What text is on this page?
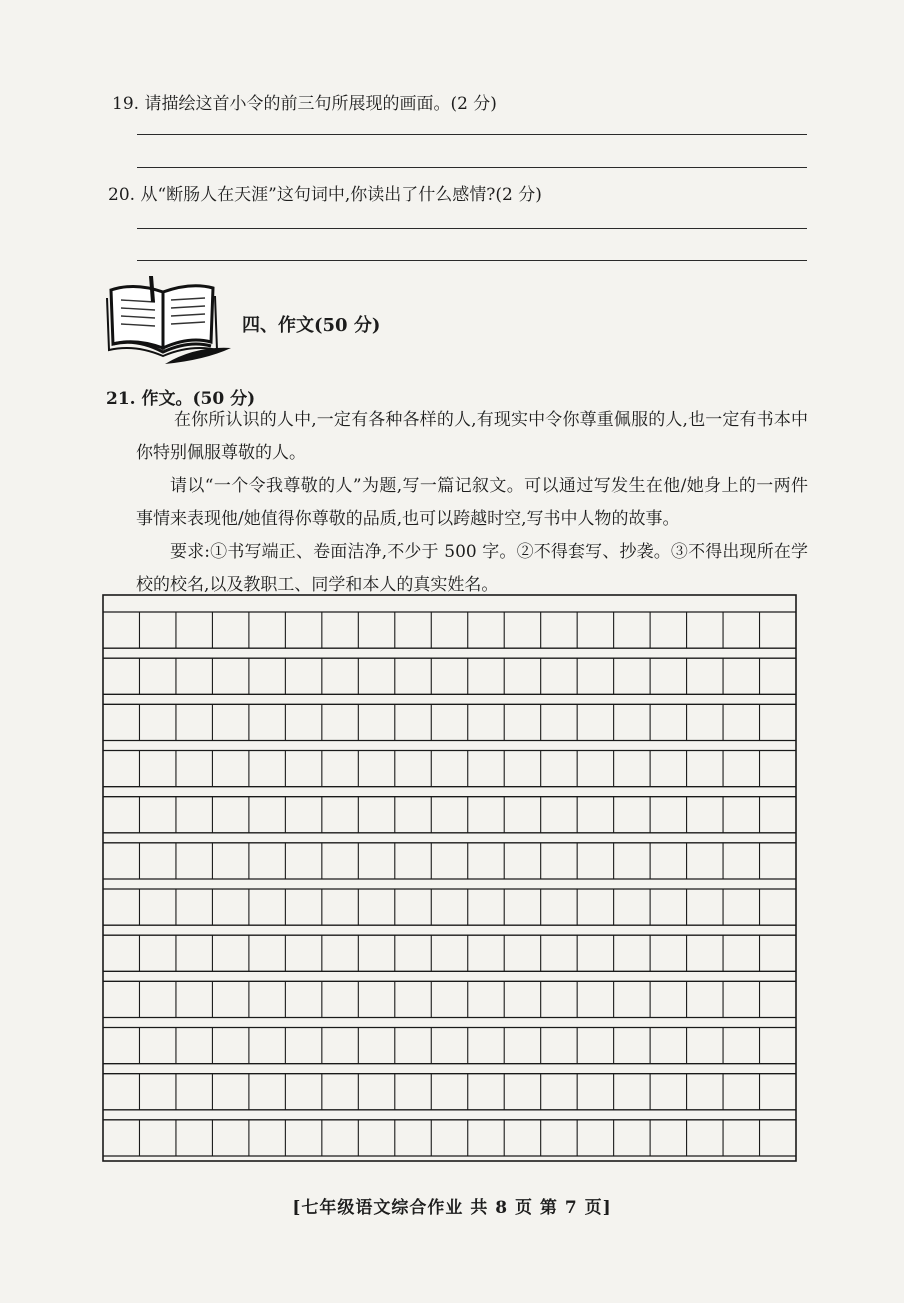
19. 请描绘这首小令的前三句所展现的画面。(2 分)
20. 从“断肠人在天涯”这句词中,你读出了什么感情?(2 分)
四、作文(50 分)
21. 作文。(50 分)
在你所认识的人中,一定有各种各样的人,有现实中令你尊重佩服的人,也一定有书本中你特别佩服尊敬的人。
请以“一个令我尊敬的人”为题,写一篇记叙文。可以通过写发生在他/她身上的一两件事情来表现他/她值得你尊敬的品质,也可以跨越时空,写书中人物的故事。
要求:①书写端正、卷面洁净,不少于 500 字。②不得套写、抄袭。③不得出现所在学校的校名,以及教职工、同学和本人的真实姓名。
[七年级语文综合作业 共 8 页 第 7 页]
